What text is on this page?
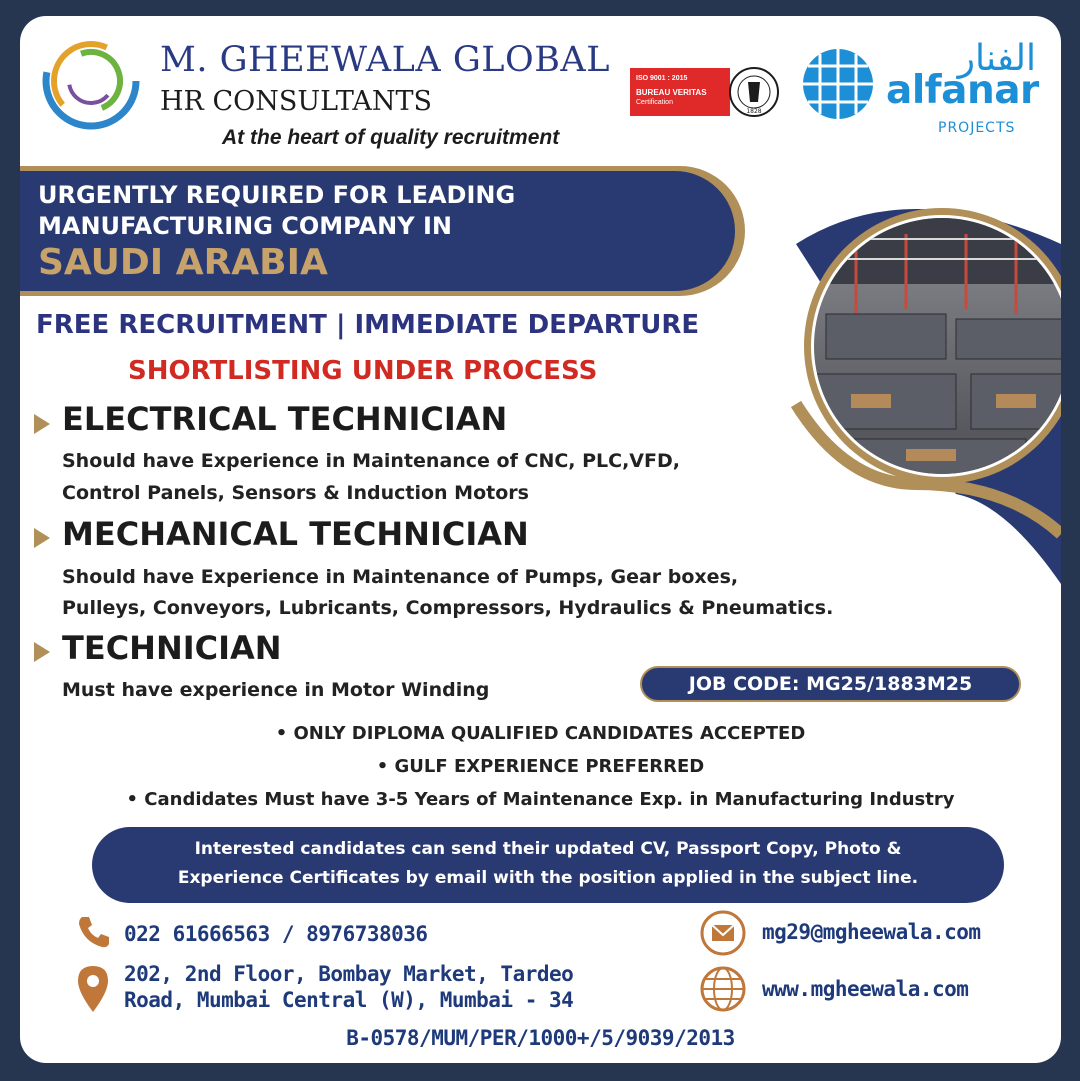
M. GHEEWALA GLOBAL
HR CONSULTANTS
At the heart of quality recruitment
ISO 9001 : 2015
BUREAU VERITAS
Certification
1828
الفنار
alfanar
PROJECTS
URGENTLY REQUIRED FOR LEADING
MANUFACTURING COMPANY IN
SAUDI ARABIA
FREE RECRUITMENT | IMMEDIATE DEPARTURE
SHORTLISTING UNDER PROCESS
ELECTRICAL TECHNICIAN
Should have Experience in Maintenance of CNC, PLC,VFD,
Control Panels, Sensors & Induction Motors
MECHANICAL TECHNICIAN
Should have Experience in Maintenance of Pumps, Gear boxes,
Pulleys, Conveyors, Lubricants, Compressors, Hydraulics & Pneumatics.
TECHNICIAN
Must have experience in Motor Winding	JOB CODE: MG25/1883M25
• ONLY DIPLOMA QUALIFIED CANDIDATES ACCEPTED
• GULF EXPERIENCE PREFERRED
• Candidates Must have 3-5 Years of Maintenance Exp. in Manufacturing Industry
Interested candidates can send their updated CV, Passport Copy, Photo &
Experience Certificates by email with the position applied in the subject line.
022 61666563 / 8976738036
202, 2nd Floor, Bombay Market, Tardeo
Road, Mumbai Central (W), Mumbai - 34
mg29@mgheewala.com
www.mgheewala.com
B-0578/MUM/PER/1000+/5/9039/2013
